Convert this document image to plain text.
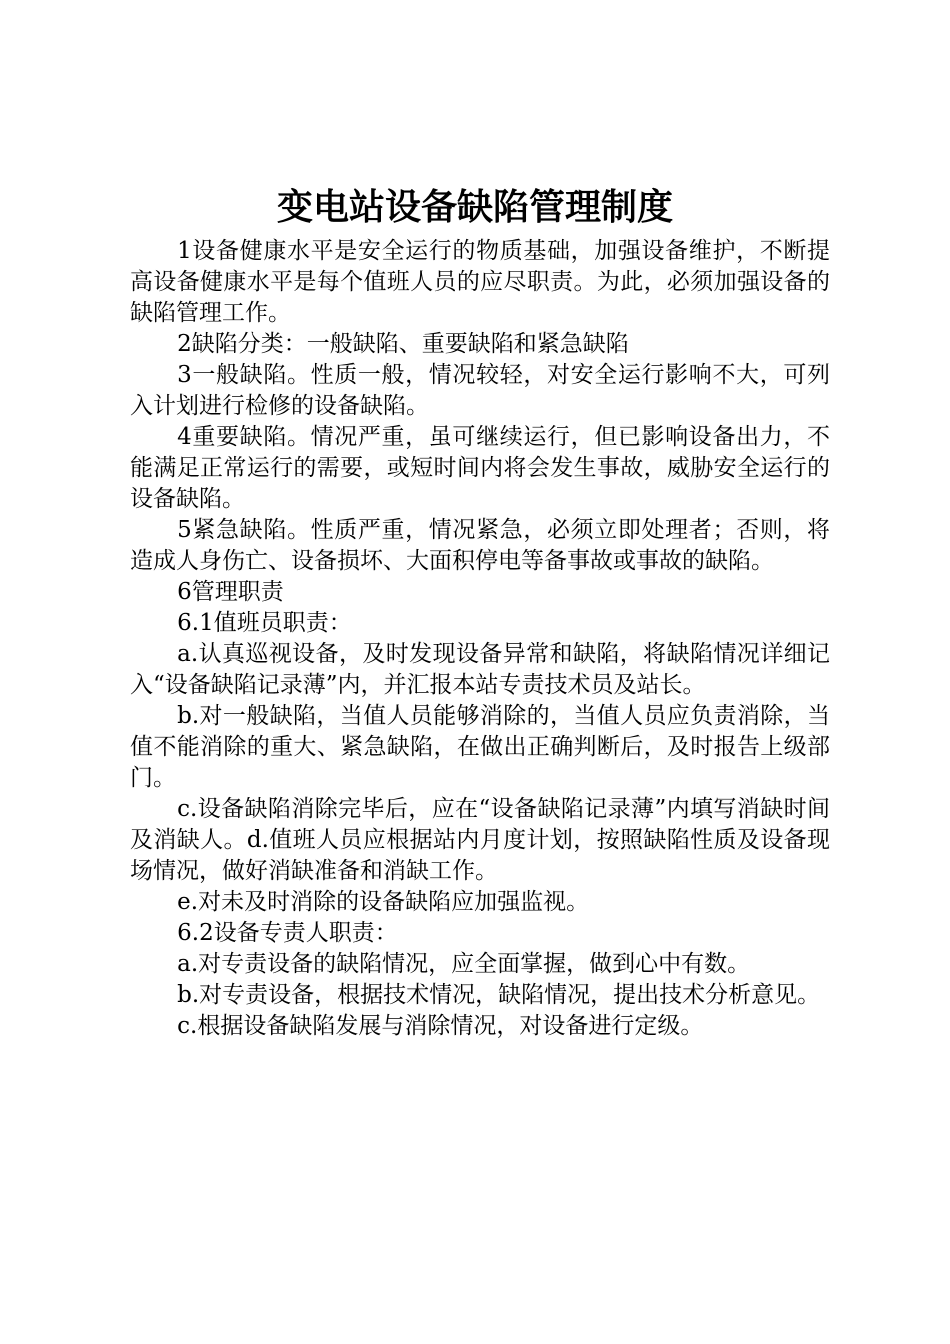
变电站设备缺陷管理制度

1设备健康水平是安全运行的物质基础，加强设备维护，不断提高设备健康水平是每个值班人员的应尽职责。为此，必须加强设备的缺陷管理工作。

2缺陷分类：一般缺陷、重要缺陷和紧急缺陷

3一般缺陷。性质一般，情况较轻，对安全运行影响不大，可列入计划进行检修的设备缺陷。

4重要缺陷。情况严重，虽可继续运行，但已影响设备出力，不能满足正常运行的需要，或短时间内将会发生事故，威胁安全运行的设备缺陷。

5紧急缺陷。性质严重，情况紧急，必须立即处理者；否则，将造成人身伤亡、设备损坏、大面积停电等备事故或事故的缺陷。

6管理职责

6.1值班员职责：

a.认真巡视设备，及时发现设备异常和缺陷，将缺陷情况详细记入“设备缺陷记录薄”内，并汇报本站专责技术员及站长。

b.对一般缺陷，当值人员能够消除的，当值人员应负责消除，当值不能消除的重大、紧急缺陷，在做出正确判断后，及时报告上级部门。

c.设备缺陷消除完毕后，应在“设备缺陷记录薄”内填写消缺时间及消缺人。d.值班人员应根据站内月度计划，按照缺陷性质及设备现场情况，做好消缺准备和消缺工作。

e.对未及时消除的设备缺陷应加强监视。

6.2设备专责人职责：

a.对专责设备的缺陷情况，应全面掌握，做到心中有数。

b.对专责设备，根据技术情况，缺陷情况，提出技术分析意见。

c.根据设备缺陷发展与消除情况，对设备进行定级。
